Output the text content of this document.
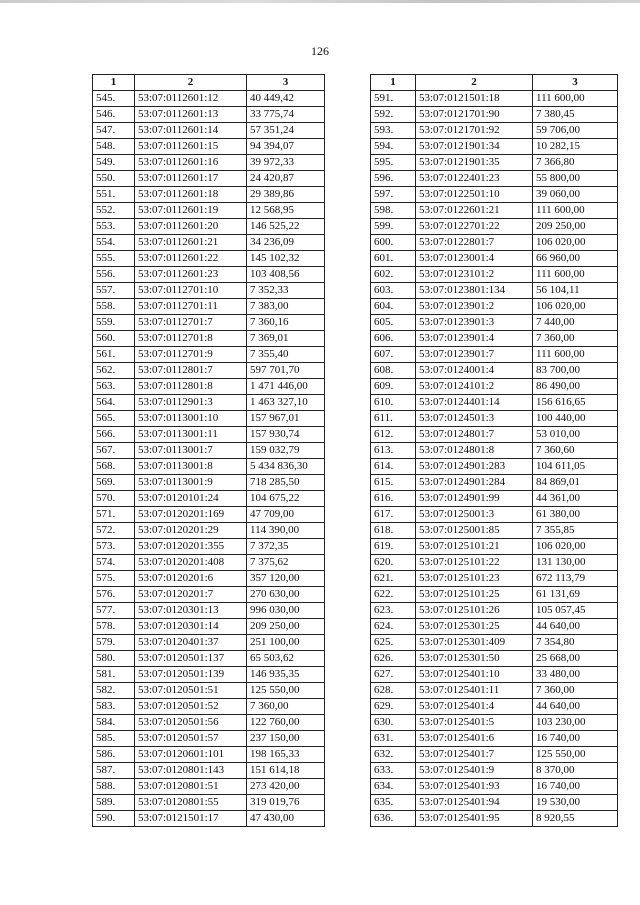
126
1	2	3
545.	53:07:0112601:12	40 449,42
546.	53:07:0112601:13	33 775,74
547.	53:07:0112601:14	57 351,24
548.	53:07:0112601:15	94 394,07
549.	53:07:0112601:16	39 972,33
550.	53:07:0112601:17	24 420,87
551.	53:07:0112601:18	29 389,86
552.	53:07:0112601:19	12 568,95
553.	53:07:0112601:20	146 525,22
554.	53:07:0112601:21	34 236,09
555.	53:07:0112601:22	145 102,32
556.	53:07:0112601:23	103 408,56
557.	53:07:0112701:10	7 352,33
558.	53:07:0112701:11	7 383,00
559.	53:07:0112701:7	7 360,16
560.	53:07:0112701:8	7 369,01
561.	53:07:0112701:9	7 355,40
562.	53:07:0112801:7	597 701,70
563.	53:07:0112801:8	1 471 446,00
564.	53:07:0112901:3	1 463 327,10
565.	53:07:0113001:10	157 967,01
566.	53:07:0113001:11	157 930,74
567.	53:07:0113001:7	159 032,79
568.	53:07:0113001:8	5 434 836,30
569.	53:07:0113001:9	718 285,50
570.	53:07:0120101:24	104 675,22
571.	53:07:0120201:169	47 709,00
572.	53:07:0120201:29	114 390,00
573.	53:07:0120201:355	7 372,35
574.	53:07:0120201:408	7 375,62
575.	53:07:0120201:6	357 120,00
576.	53:07:0120201:7	270 630,00
577.	53:07:0120301:13	996 030,00
578.	53:07:0120301:14	209 250,00
579.	53:07:0120401:37	251 100,00
580.	53:07:0120501:137	65 503,62
581.	53:07:0120501:139	146 935,35
582.	53:07:0120501:51	125 550,00
583.	53:07:0120501:52	7 360,00
584.	53:07:0120501:56	122 760,00
585.	53:07:0120501:57	237 150,00
586.	53:07:0120601:101	198 165,33
587.	53:07:0120801:143	151 614,18
588.	53:07:0120801:51	273 420,00
589.	53:07:0120801:55	319 019,76
590.	53:07:0121501:17	47 430,00
1	2	3
591.	53:07:0121501:18	111 600,00
592.	53:07:0121701:90	7 380,45
593.	53:07:0121701:92	59 706,00
594.	53:07:0121901:34	10 282,15
595.	53:07:0121901:35	7 366,80
596.	53:07:0122401:23	55 800,00
597.	53:07:0122501:10	39 060,00
598.	53:07:0122601:21	111 600,00
599.	53:07:0122701:22	209 250,00
600.	53:07:0122801:7	106 020,00
601.	53:07:0123001:4	66 960,00
602.	53:07:0123101:2	111 600,00
603.	53:07:0123801:134	56 104,11
604.	53:07:0123901:2	106 020,00
605.	53:07:0123901:3	7 440,00
606.	53:07:0123901:4	7 360,00
607.	53:07:0123901:7	111 600,00
608.	53:07:0124001:4	83 700,00
609.	53:07:0124101:2	86 490,00
610.	53:07:0124401:14	156 616,65
611.	53:07:0124501:3	100 440,00
612.	53:07:0124801:7	53 010,00
613.	53:07:0124801:8	7 360,60
614.	53:07:0124901:283	104 611,05
615.	53:07:0124901:284	84 869,01
616.	53:07:0124901:99	44 361,00
617.	53:07:0125001:3	61 380,00
618.	53:07:0125001:85	7 355,85
619.	53:07:0125101:21	106 020,00
620.	53:07:0125101:22	131 130,00
621.	53:07:0125101:23	672 113,79
622.	53:07:0125101:25	61 131,69
623.	53:07:0125101:26	105 057,45
624.	53:07:0125301:25	44 640,00
625.	53:07:0125301:409	7 354,80
626.	53:07:0125301:50	25 668,00
627.	53:07:0125401:10	33 480,00
628.	53:07:0125401:11	7 360,00
629.	53:07:0125401:4	44 640,00
630.	53:07:0125401:5	103 230,00
631.	53:07:0125401:6	16 740,00
632.	53:07:0125401:7	125 550,00
633.	53:07:0125401:9	8 370,00
634.	53:07:0125401:93	16 740,00
635.	53:07:0125401:94	19 530,00
636.	53:07:0125401:95	8 920,55
